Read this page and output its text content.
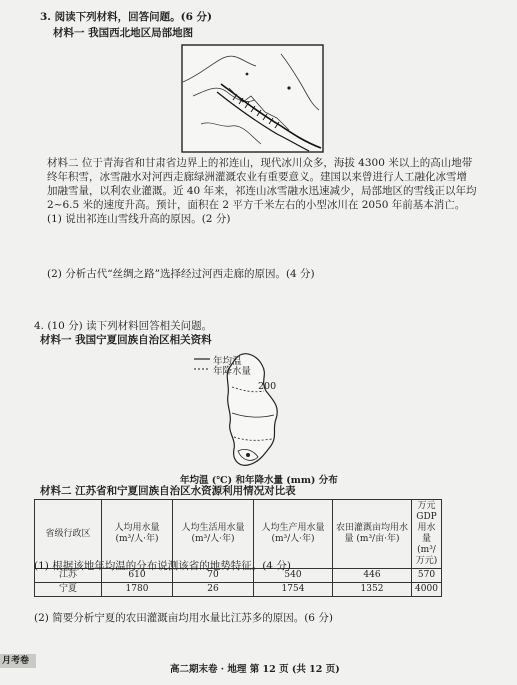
3. 阅读下列材料，回答问题。(6 分)
材料一 我国西北地区局部地图
材料二 位于青海省和甘肃省边界上的祁连山，现代冰川众多，海拔 4300 米以上的高山地带
终年积雪，冰雪融水对河西走廊绿洲灌溉农业有重要意义。建国以来曾进行人工融化冰雪增
加融雪量，以利农业灌溉。近 40 年来，祁连山冰雪融水迅速减少，局部地区的雪线正以年均
2~6.5 米的速度升高。预计，面积在 2 平方千米左右的小型冰川在 2050 年前基本消亡。
(1) 说出祁连山雪线升高的原因。(2 分)
(2) 分析古代“丝绸之路”选择经过河西走廊的原因。(4 分)
4. (10 分) 读下列材料回答相关问题。
材料一 我国宁夏回族自治区相关资料
年均温
年降水量
200
年均温 (℃) 和年降水量 (mm) 分布
材料二 江苏省和宁夏回族自治区水资源利用情况对比表
省级行政区	人均用水量 (m³/人·年)	人均生活用水量 (m³/人·年)	人均生产用水量 (m³/人·年)	农田灌溉亩均用水量 (m³/亩·年)	万元 GDP 用水量 (m³/万元)
江苏	610	70	540	446	570
宁夏	1780	26	1754	1352	4000
(1) 根据该地年均温的分布说测该省的地势特征。(4 分)
(2) 简要分析宁夏的农田灌溉亩均用水量比江苏多的原因。(6 分)
月考卷
高二期末卷 · 地理 第 12 页 (共 12 页)
